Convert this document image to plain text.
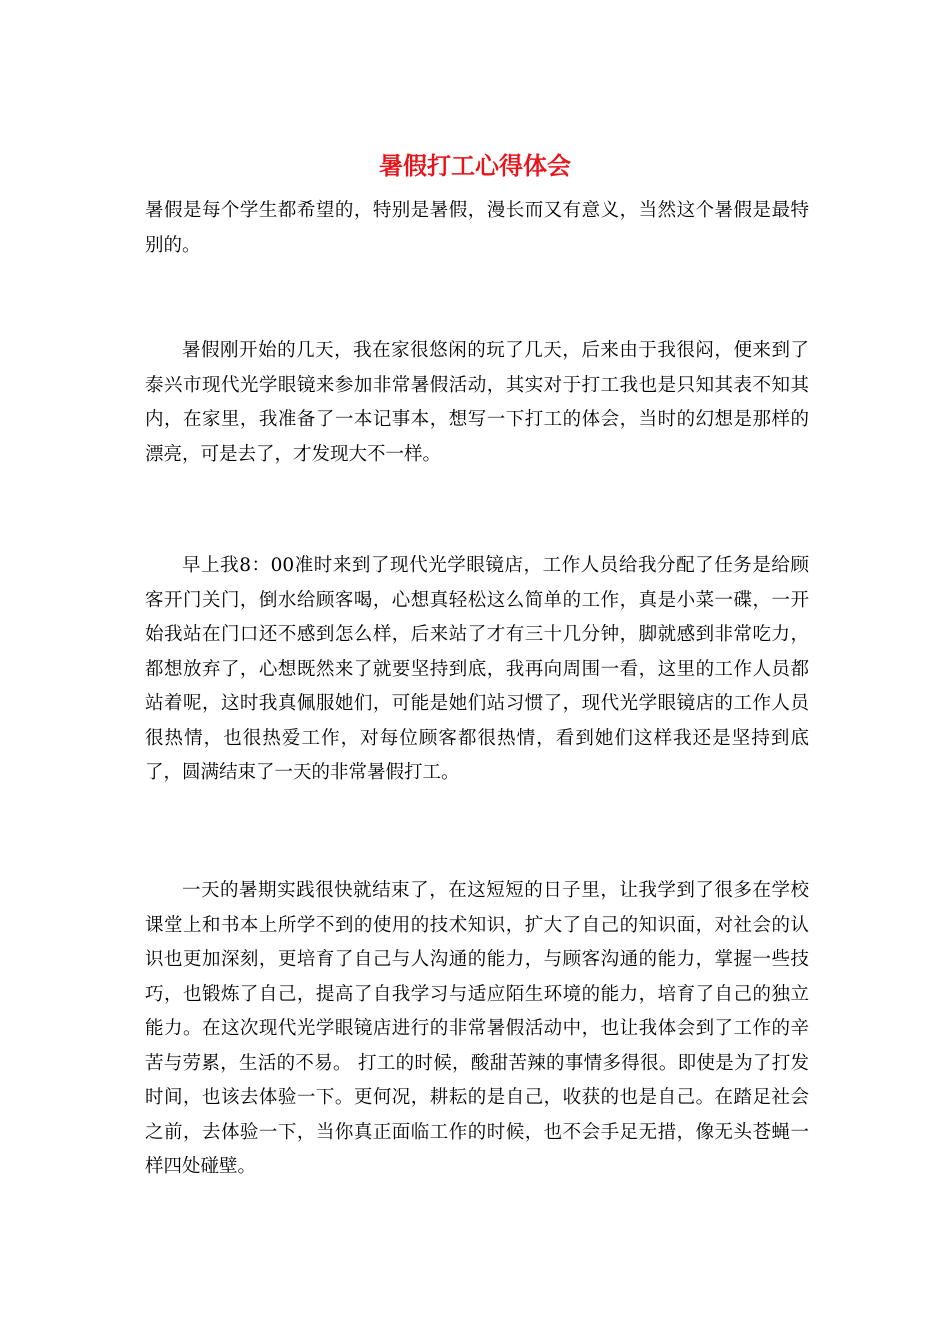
暑假打工心得体会

暑假是每个学生都希望的，特别是暑假，漫长而又有意义，当然这个暑假是最特别的。

暑假刚开始的几天，我在家很悠闲的玩了几天，后来由于我很闷，便来到了泰兴市现代光学眼镜来参加非常暑假活动，其实对于打工我也是只知其表不知其内，在家里，我准备了一本记事本，想写一下打工的体会，当时的幻想是那样的漂亮，可是去了，才发现大不一样。

早上我8：00准时来到了现代光学眼镜店，工作人员给我分配了任务是给顾客开门关门，倒水给顾客喝，心想真轻松这么简单的工作，真是小菜一碟，一开始我站在门口还不感到怎么样，后来站了才有三十几分钟，脚就感到非常吃力，都想放弃了，心想既然来了就要坚持到底，我再向周围一看，这里的工作人员都站着呢，这时我真佩服她们，可能是她们站习惯了，现代光学眼镜店的工作人员很热情，也很热爱工作，对每位顾客都很热情，看到她们这样我还是坚持到底了，圆满结束了一天的非常暑假打工。

一天的暑期实践很快就结束了，在这短短的日子里，让我学到了很多在学校课堂上和书本上所学不到的使用的技术知识，扩大了自己的知识面，对社会的认识也更加深刻，更培育了自己与人沟通的能力，与顾客沟通的能力，掌握一些技巧，也锻炼了自己，提高了自我学习与适应陌生环境的能力，培育了自己的独立能力。在这次现代光学眼镜店进行的非常暑假活动中，也让我体会到了工作的辛苦与劳累，生活的不易。 打工的时候，酸甜苦辣的事情多得很。即使是为了打发时间，也该去体验一下。更何况，耕耘的是自己，收获的也是自己。在踏足社会之前，去体验一下，当你真正面临工作的时候，也不会手足无措，像无头苍蝇一样四处碰壁。
